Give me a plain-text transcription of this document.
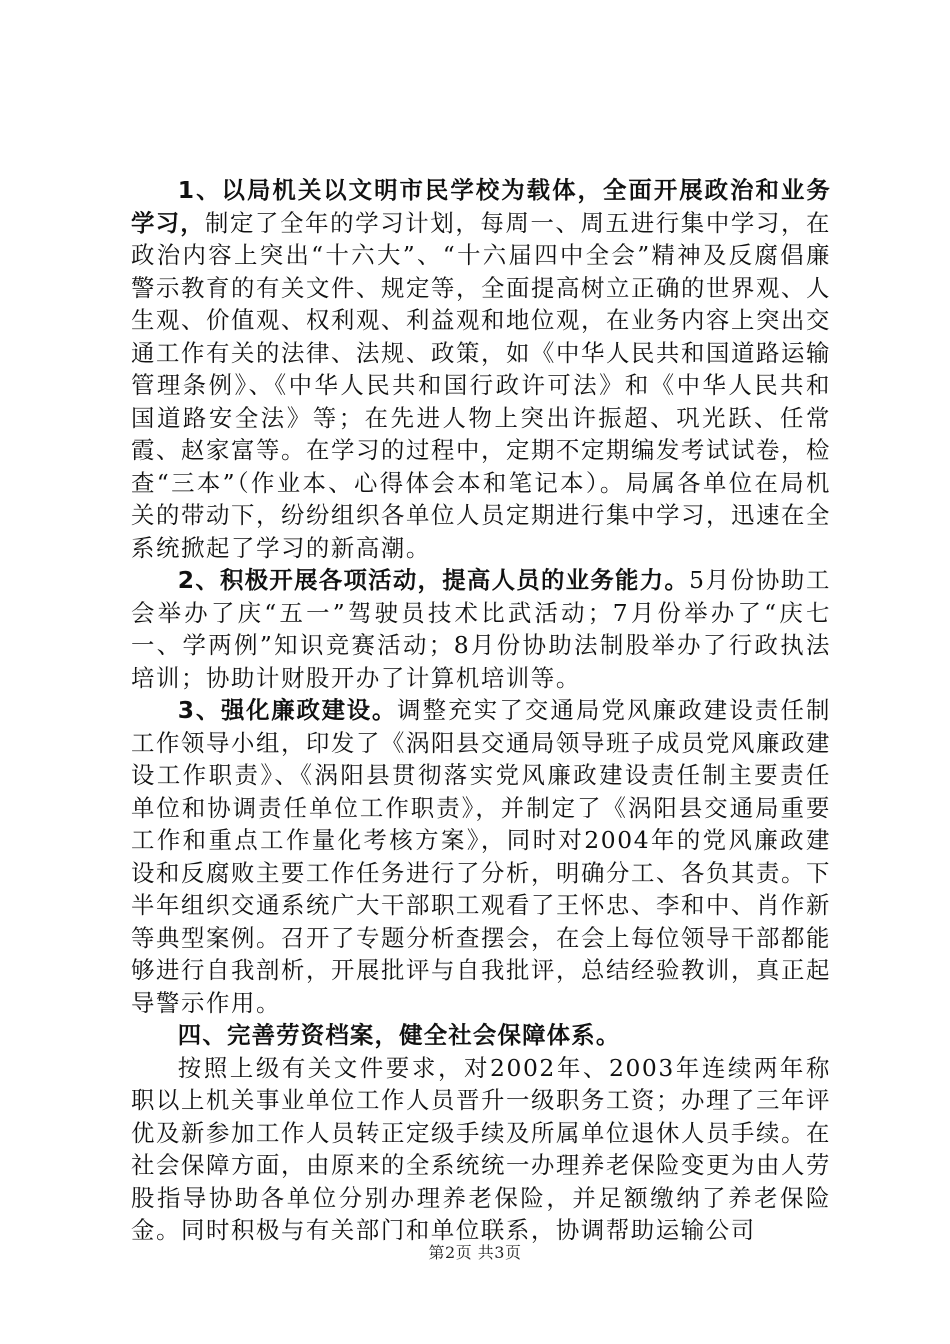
1、以局机关以文明市民学校为载体，全面开展政治和业务学习，制定了全年的学习计划，每周一、周五进行集中学习，在政治内容上突出“十六大”、“十六届四中全会”精神及反腐倡廉警示教育的有关文件、规定等，全面提高树立正确的世界观、人生观、价值观、权利观、利益观和地位观，在业务内容上突出交通工作有关的法律、法规、政策，如《中华人民共和国道路运输管理条例》、《中华人民共和国行政许可法》和《中华人民共和国道路安全法》等；在先进人物上突出许振超、巩光跃、任常霞、赵家富等。在学习的过程中，定期不定期编发考试试卷，检查“三本”（作业本、心得体会本和笔记本）。局属各单位在局机关的带动下，纷纷组织各单位人员定期进行集中学习，迅速在全系统掀起了学习的新高潮。

2、积极开展各项活动，提高人员的业务能力。5月份协助工会举办了庆“五一”驾驶员技术比武活动；7月份举办了“庆七一、学两例”知识竞赛活动；8月份协助法制股举办了行政执法培训；协助计财股开办了计算机培训等。

3、强化廉政建设。调整充实了交通局党风廉政建设责任制工作领导小组，印发了《涡阳县交通局领导班子成员党风廉政建设工作职责》、《涡阳县贯彻落实党风廉政建设责任制主要责任单位和协调责任单位工作职责》，并制定了《涡阳县交通局重要工作和重点工作量化考核方案》，同时对2004年的党风廉政建设和反腐败主要工作任务进行了分析，明确分工、各负其责。下半年组织交通系统广大干部职工观看了王怀忠、李和中、肖作新等典型案例。召开了专题分析查摆会，在会上每位领导干部都能够进行自我剖析，开展批评与自我批评，总结经验教训，真正起导警示作用。

四、完善劳资档案，健全社会保障体系。

按照上级有关文件要求，对2002年、2003年连续两年称职以上机关事业单位工作人员晋升一级职务工资；办理了三年评优及新参加工作人员转正定级手续及所属单位退休人员手续。在社会保障方面，由原来的全系统统一办理养老保险变更为由人劳股指导协助各单位分别办理养老保险，并足额缴纳了养老保险金。同时积极与有关部门和单位联系，协调帮助运输公司

第2页 共3页
